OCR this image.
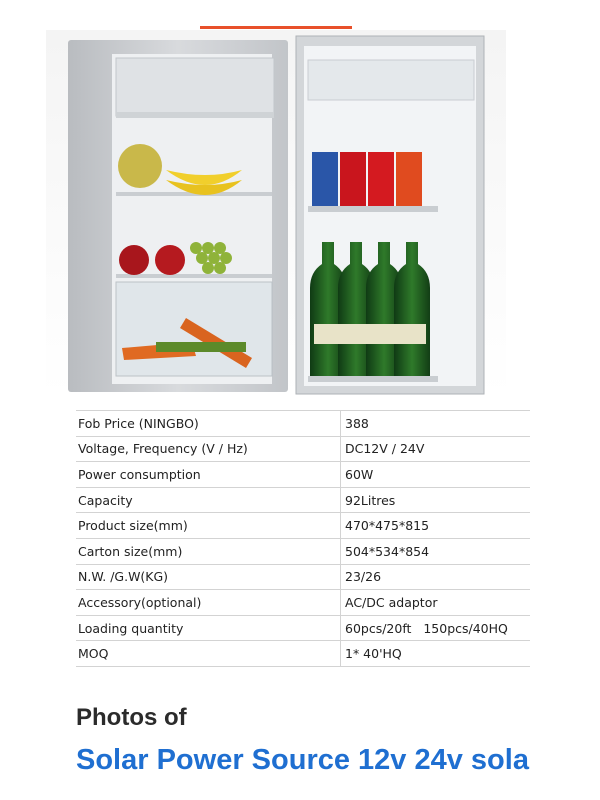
Fob Price (NINGBO)	388
Voltage, Frequency (V / Hz)	DC12V / 24V
Power consumption	60W
Capacity	92Litres
Product size(mm)	470*475*815
Carton size(mm)	504*534*854
N.W. /G.W(KG)	23/26
Accessory(optional)	AC/DC adaptor
Loading quantity	60pcs/20ft   150pcs/40HQ
MOQ	1* 40'HQ
Photos of
Solar Power Source 12v 24v sola
